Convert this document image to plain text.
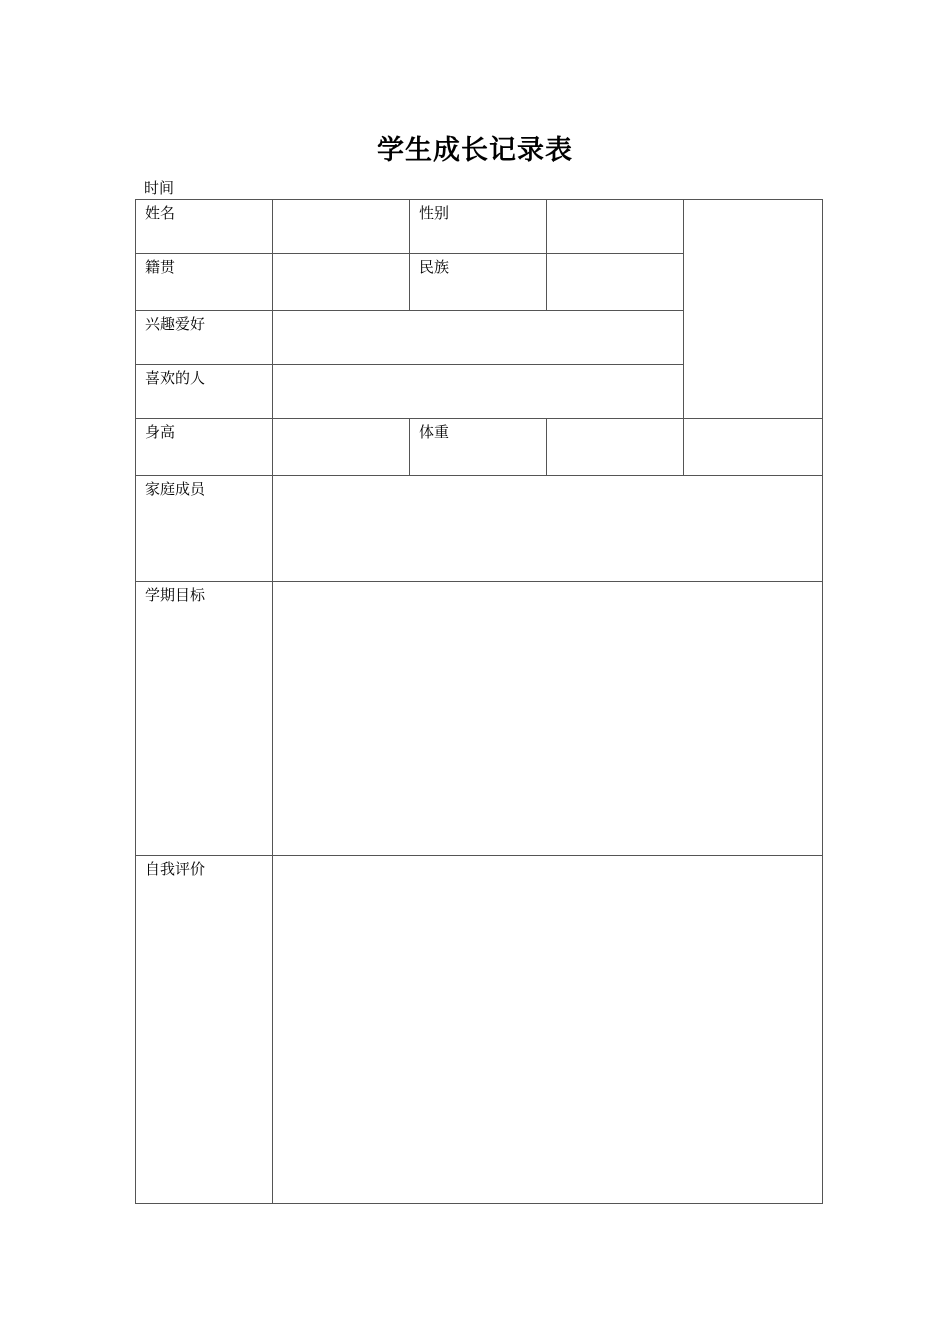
学生成长记录表
时间
姓名		性别		
籍贯		民族		
兴趣爱好				
喜欢的人				
身高		体重		
家庭成员				
学期目标				
自我评价				
